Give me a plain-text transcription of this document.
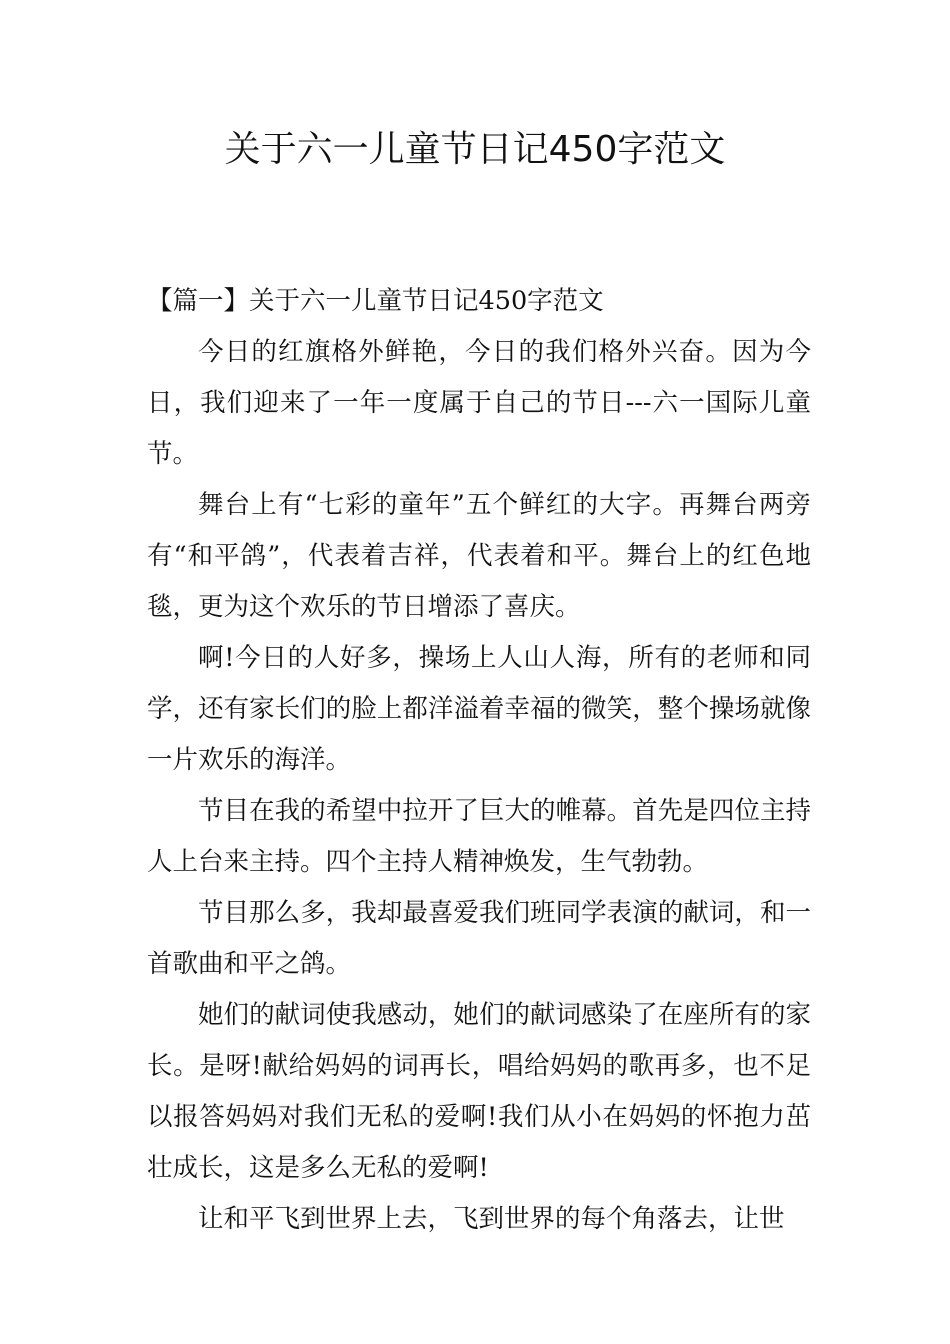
关于六一儿童节日记450字范文

【篇一】关于六一儿童节日记450字范文

今日的红旗格外鲜艳，今日的我们格外兴奋。因为今日，我们迎来了一年一度属于自己的节日---六一国际儿童节。

舞台上有“七彩的童年”五个鲜红的大字。再舞台两旁有“和平鸽”，代表着吉祥，代表着和平。舞台上的红色地毯，更为这个欢乐的节日增添了喜庆。

啊!今日的人好多，操场上人山人海，所有的老师和同学，还有家长们的脸上都洋溢着幸福的微笑，整个操场就像一片欢乐的海洋。

节目在我的希望中拉开了巨大的帷幕。首先是四位主持人上台来主持。四个主持人精神焕发，生气勃勃。

节目那么多，我却最喜爱我们班同学表演的献词，和一首歌曲和平之鸽。

她们的献词使我感动，她们的献词感染了在座所有的家长。是呀!献给妈妈的词再长，唱给妈妈的歌再多，也不足以报答妈妈对我们无私的爱啊!我们从小在妈妈的怀抱力茁壮成长，这是多么无私的爱啊!

让和平飞到世界上去，飞到世界的每个角落去，让世
